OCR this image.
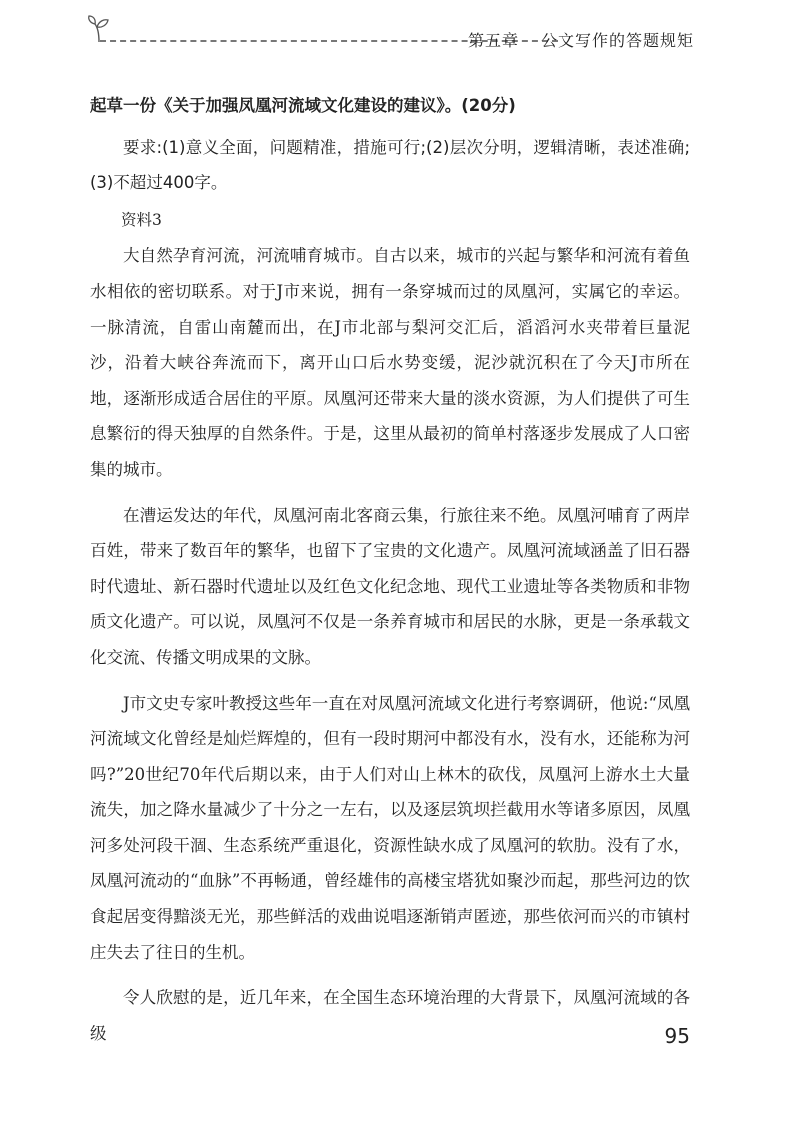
第五章 公文写作的答题规矩

起草一份《关于加强凤凰河流域文化建设的建议》。(20分)

要求:(1)意义全面，问题精准，措施可行;(2)层次分明，逻辑清晰，表述准确;(3)不超过400字。

资料3

大自然孕育河流，河流哺育城市。自古以来，城市的兴起与繁华和河流有着鱼水相依的密切联系。对于J市来说，拥有一条穿城而过的凤凰河，实属它的幸运。一脉清流，自雷山南麓而出，在J市北部与梨河交汇后，滔滔河水夹带着巨量泥沙，沿着大峡谷奔流而下，离开山口后水势变缓，泥沙就沉积在了今天J市所在地，逐渐形成适合居住的平原。凤凰河还带来大量的淡水资源，为人们提供了可生息繁衍的得天独厚的自然条件。于是，这里从最初的简单村落逐步发展成了人口密集的城市。

在漕运发达的年代，凤凰河南北客商云集，行旅往来不绝。凤凰河哺育了两岸百姓，带来了数百年的繁华，也留下了宝贵的文化遗产。凤凰河流域涵盖了旧石器时代遗址、新石器时代遗址以及红色文化纪念地、现代工业遗址等各类物质和非物质文化遗产。可以说，凤凰河不仅是一条养育城市和居民的水脉，更是一条承载文化交流、传播文明成果的文脉。

J市文史专家叶教授这些年一直在对凤凰河流域文化进行考察调研，他说:“凤凰河流域文化曾经是灿烂辉煌的，但有一段时期河中都没有水，没有水，还能称为河吗?”20世纪70年代后期以来，由于人们对山上林木的砍伐，凤凰河上游水土大量流失，加之降水量减少了十分之一左右，以及逐层筑坝拦截用水等诸多原因，凤凰河多处河段干涸、生态系统严重退化，资源性缺水成了凤凰河的软肋。没有了水，凤凰河流动的“血脉”不再畅通，曾经雄伟的高楼宝塔犹如聚沙而起，那些河边的饮食起居变得黯淡无光，那些鲜活的戏曲说唱逐渐销声匿迹，那些依河而兴的市镇村庄失去了往日的生机。

令人欣慰的是，近几年来，在全国生态环境治理的大背景下，凤凰河流域的各级	95
